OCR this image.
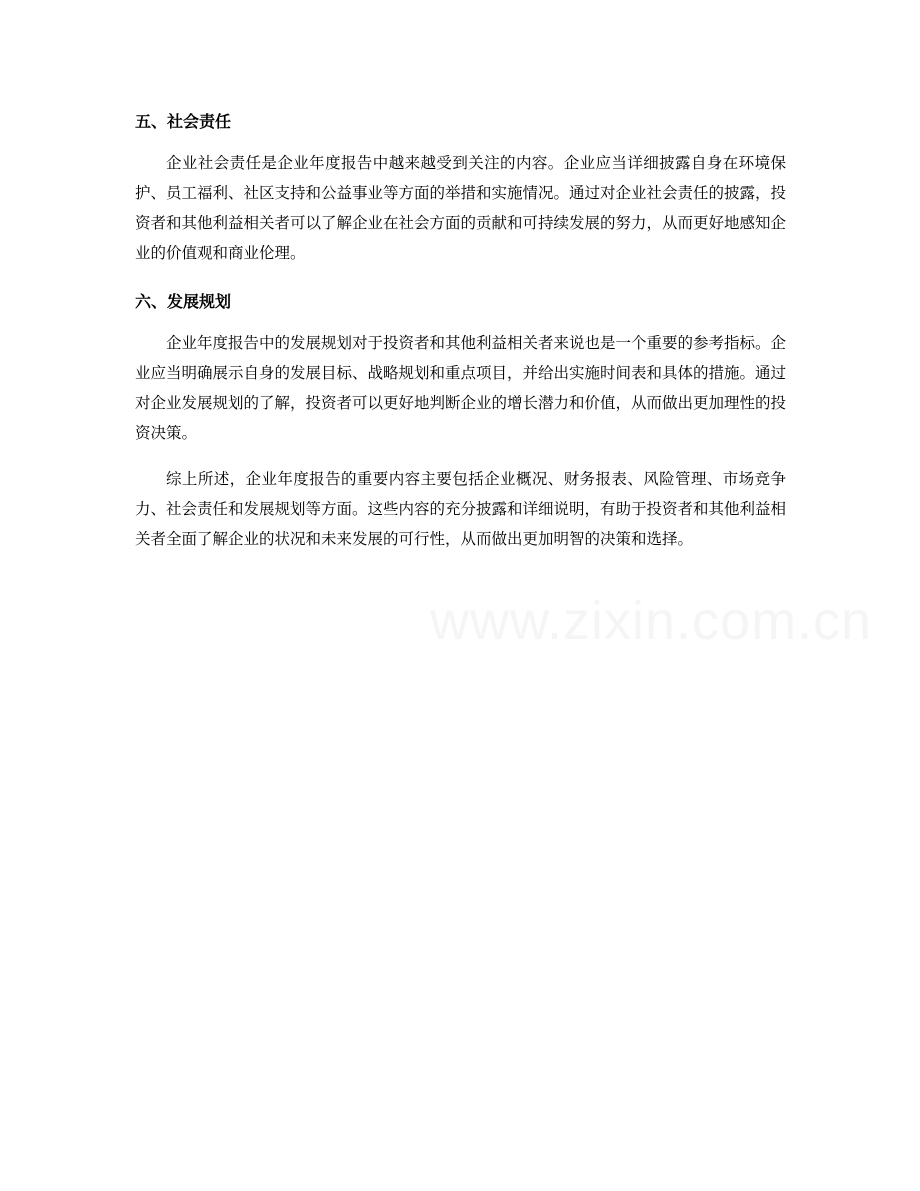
五、社会责任

企业社会责任是企业年度报告中越来越受到关注的内容。企业应当详细披露自身在环境保护、员工福利、社区支持和公益事业等方面的举措和实施情况。通过对企业社会责任的披露，投资者和其他利益相关者可以了解企业在社会方面的贡献和可持续发展的努力，从而更好地感知企业的价值观和商业伦理。

六、发展规划

企业年度报告中的发展规划对于投资者和其他利益相关者来说也是一个重要的参考指标。企业应当明确展示自身的发展目标、战略规划和重点项目，并给出实施时间表和具体的措施。通过对企业发展规划的了解，投资者可以更好地判断企业的增长潜力和价值，从而做出更加理性的投资决策。

综上所述，企业年度报告的重要内容主要包括企业概况、财务报表、风险管理、市场竞争力、社会责任和发展规划等方面。这些内容的充分披露和详细说明，有助于投资者和其他利益相关者全面了解企业的状况和未来发展的可行性，从而做出更加明智的决策和选择。

www.zixin.com.cn
